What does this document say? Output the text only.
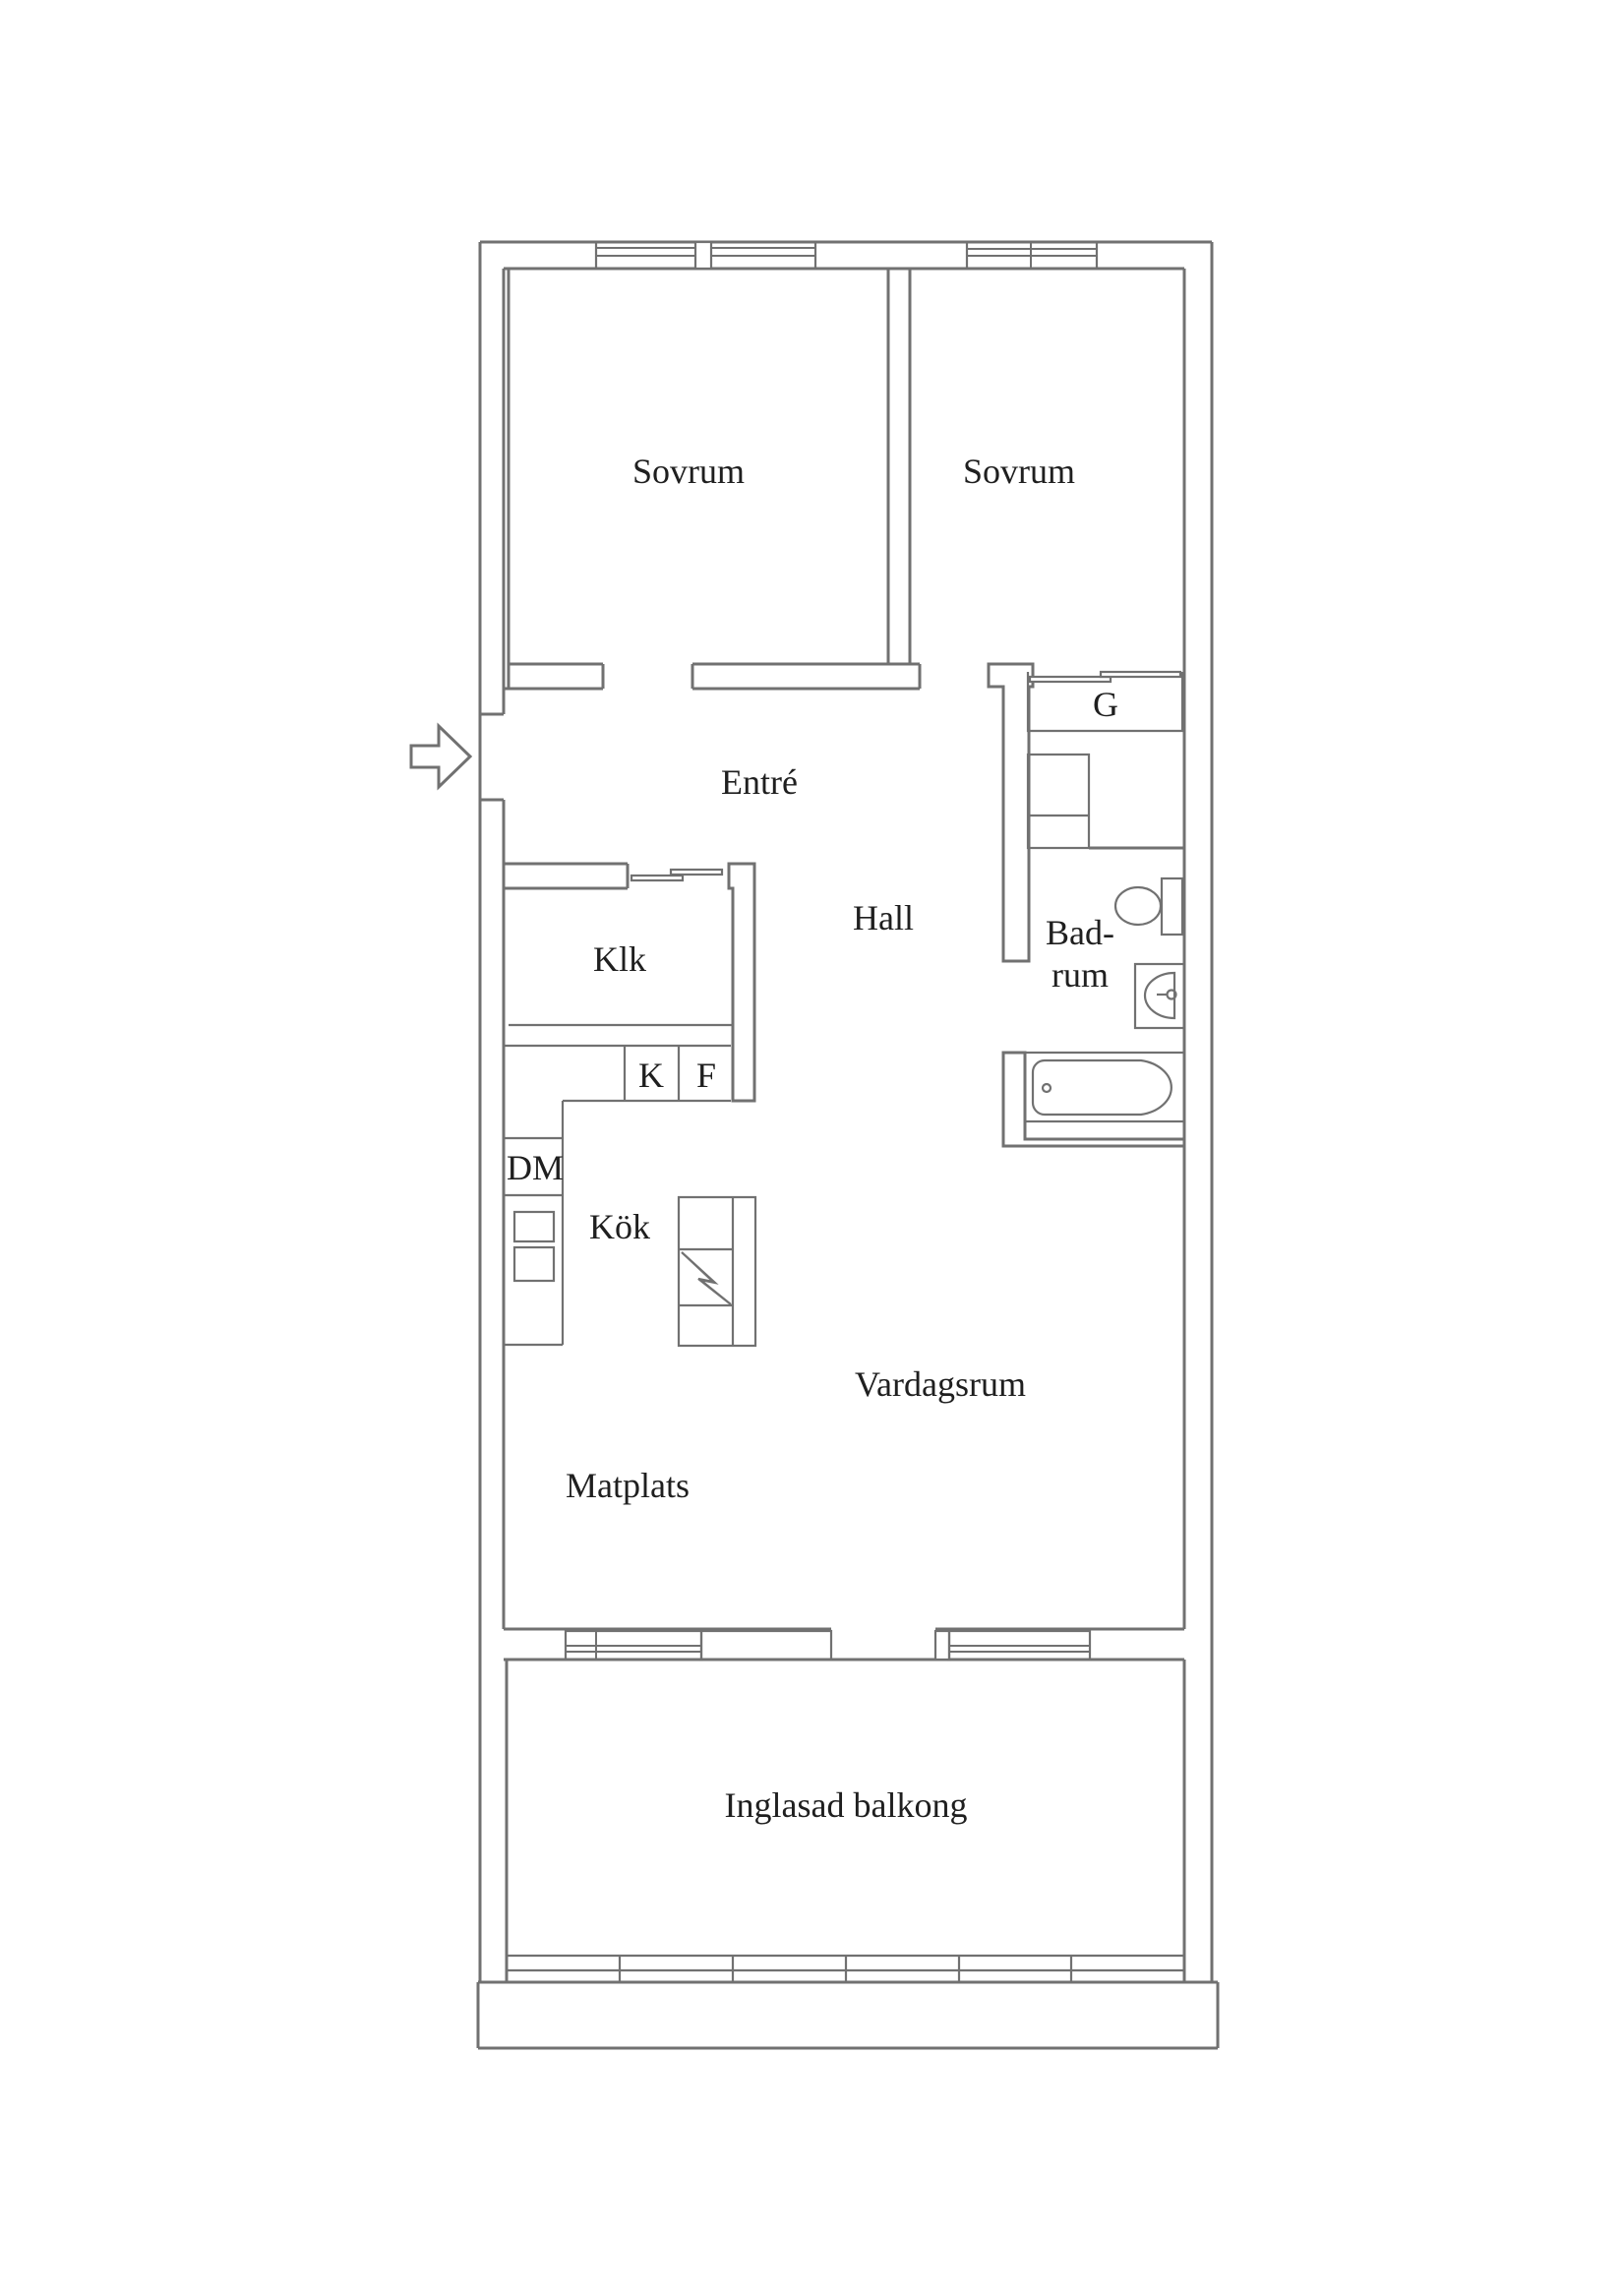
Sovrum	Sovrum
Entré
Hall
Klk
G
Bad-
rum
K F
DM
Kök
Vardagsrum
Matplats
Inglasad balkong
